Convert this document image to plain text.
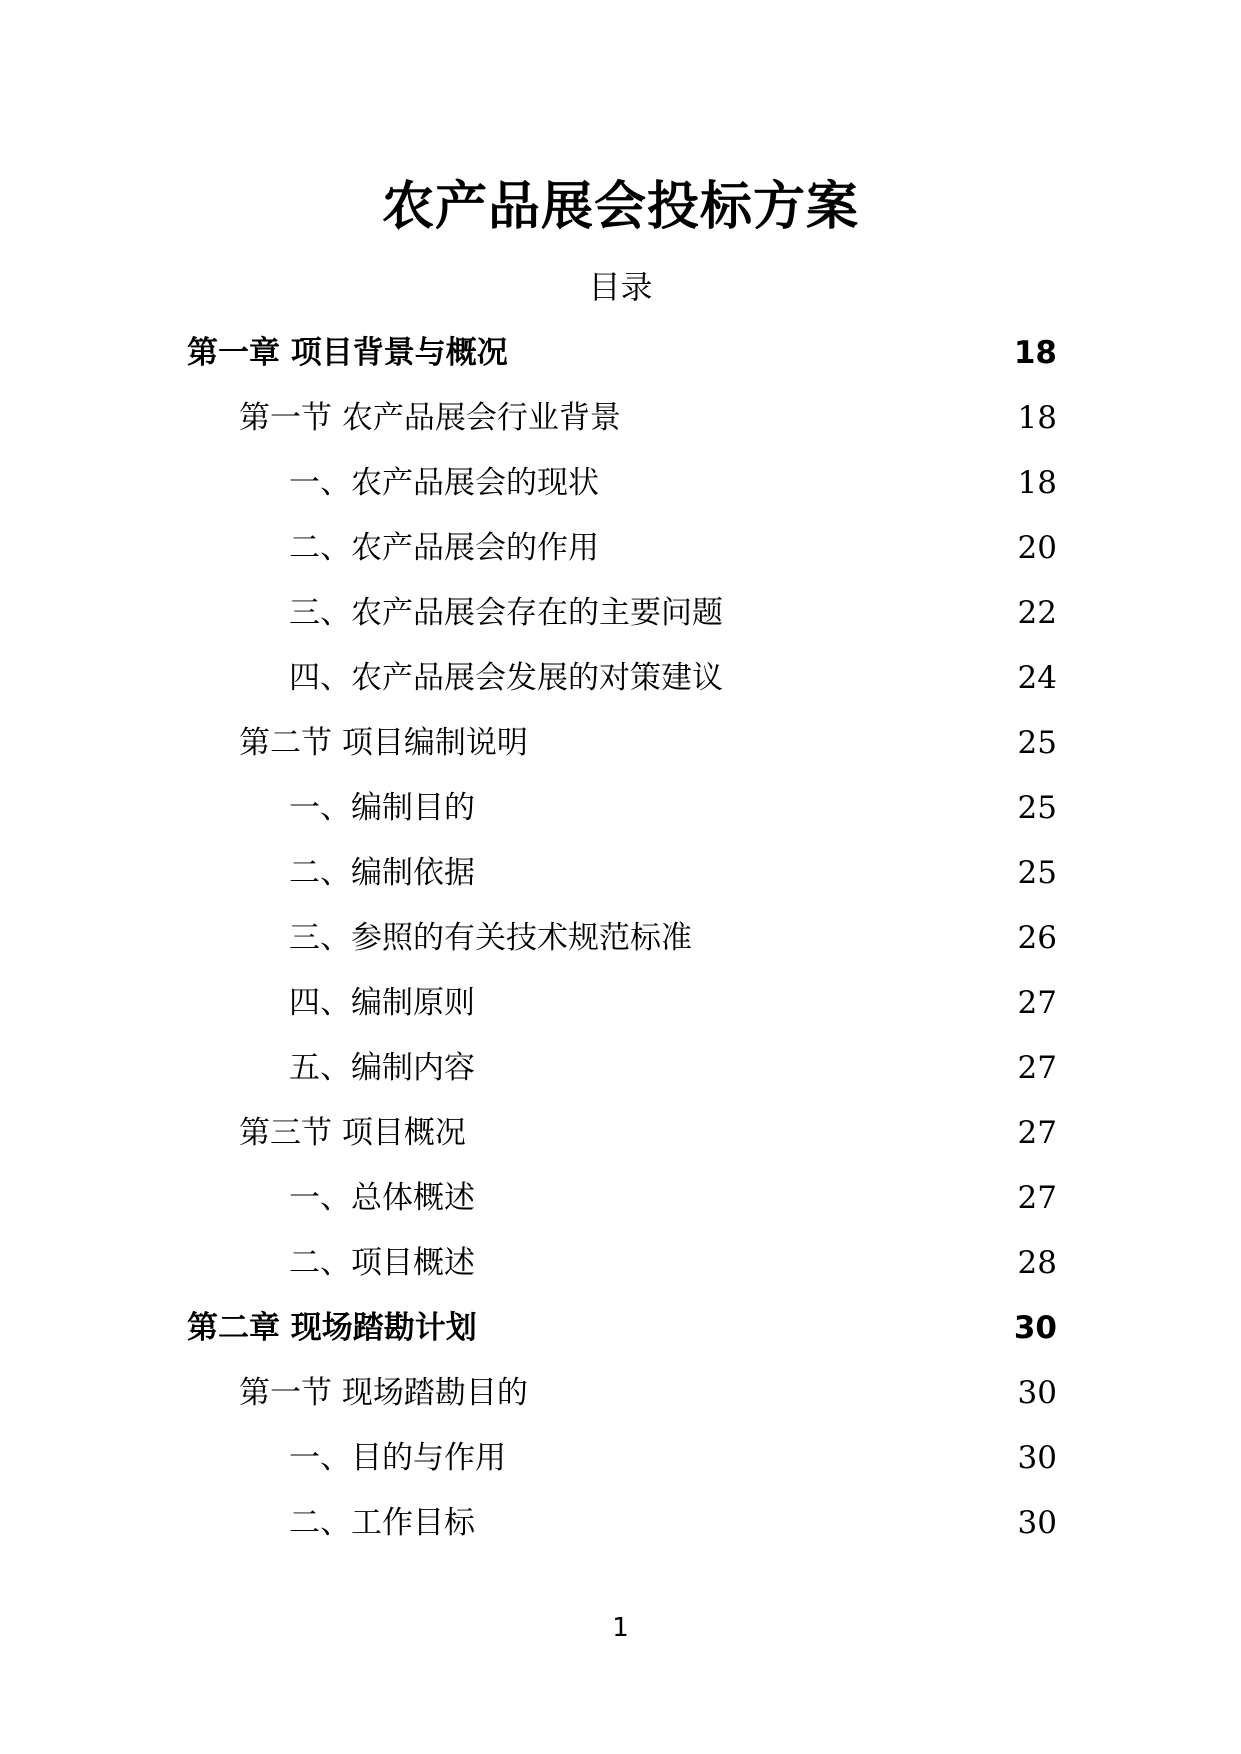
农产品展会投标方案
目录
第一章 项目背景与概况	18
第一节 农产品展会行业背景	18
一、农产品展会的现状	18
二、农产品展会的作用	20
三、农产品展会存在的主要问题	22
四、农产品展会发展的对策建议	24
第二节 项目编制说明	25
一、编制目的	25
二、编制依据	25
三、参照的有关技术规范标准	26
四、编制原则	27
五、编制内容	27
第三节 项目概况	27
一、总体概述	27
二、项目概述	28
第二章 现场踏勘计划	30
第一节 现场踏勘目的	30
一、目的与作用	30
二、工作目标	30
1
